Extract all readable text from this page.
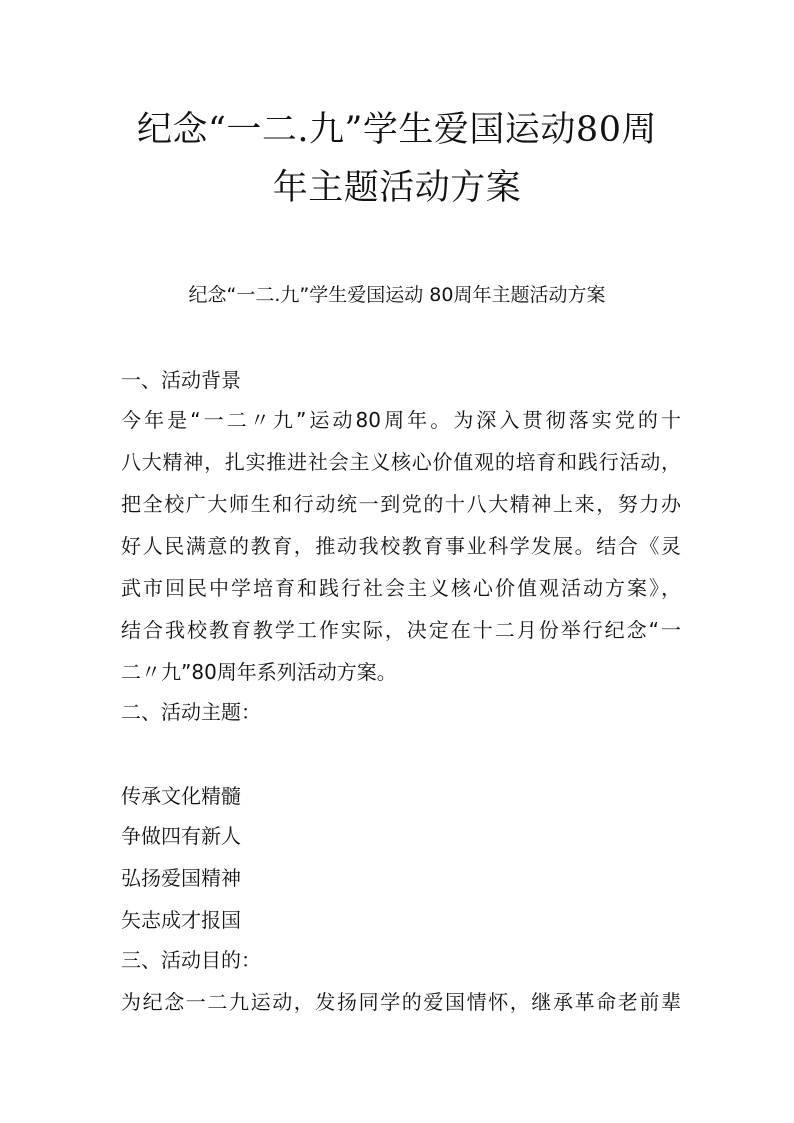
纪念“一二.九”学生爱国运动80周
年主题活动方案
纪念“一二.九”学生爱国运动 80周年主题活动方案
一、活动背景
今年是“一二〃九”运动80周年。为深入贯彻落实党的十
八大精神，扎实推进社会主义核心价值观的培育和践行活动，
把全校广大师生和行动统一到党的十八大精神上来，努力办
好人民满意的教育，推动我校教育事业科学发展。结合《灵
武市回民中学培育和践行社会主义核心价值观活动方案》，
结合我校教育教学工作实际，决定在十二月份举行纪念“一
二〃九”80周年系列活动方案。
二、活动主题：
传承文化精髓
争做四有新人
弘扬爱国精神
矢志成才报国
三、活动目的：
为纪念一二九运动，发扬同学的爱国情怀，继承革命老前辈
